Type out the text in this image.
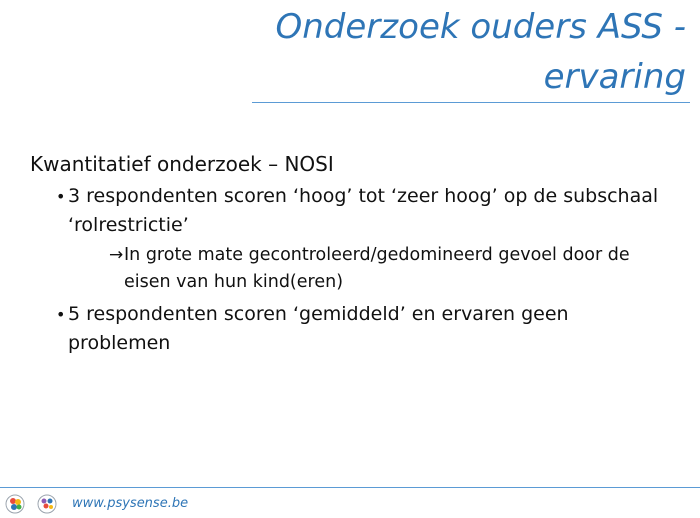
Onderzoek ouders ASS -
ervaring

Kwantitatief onderzoek – NOSI

• 3 respondenten scoren ‘hoog’ tot ‘zeer hoog’ op de subschaal ‘rolrestrictie’
→ In grote mate gecontroleerd/gedomineerd gevoel door de eisen van hun kind(eren)
• 5 respondenten scoren ‘gemiddeld’ en ervaren geen problemen
www.psysense.be
